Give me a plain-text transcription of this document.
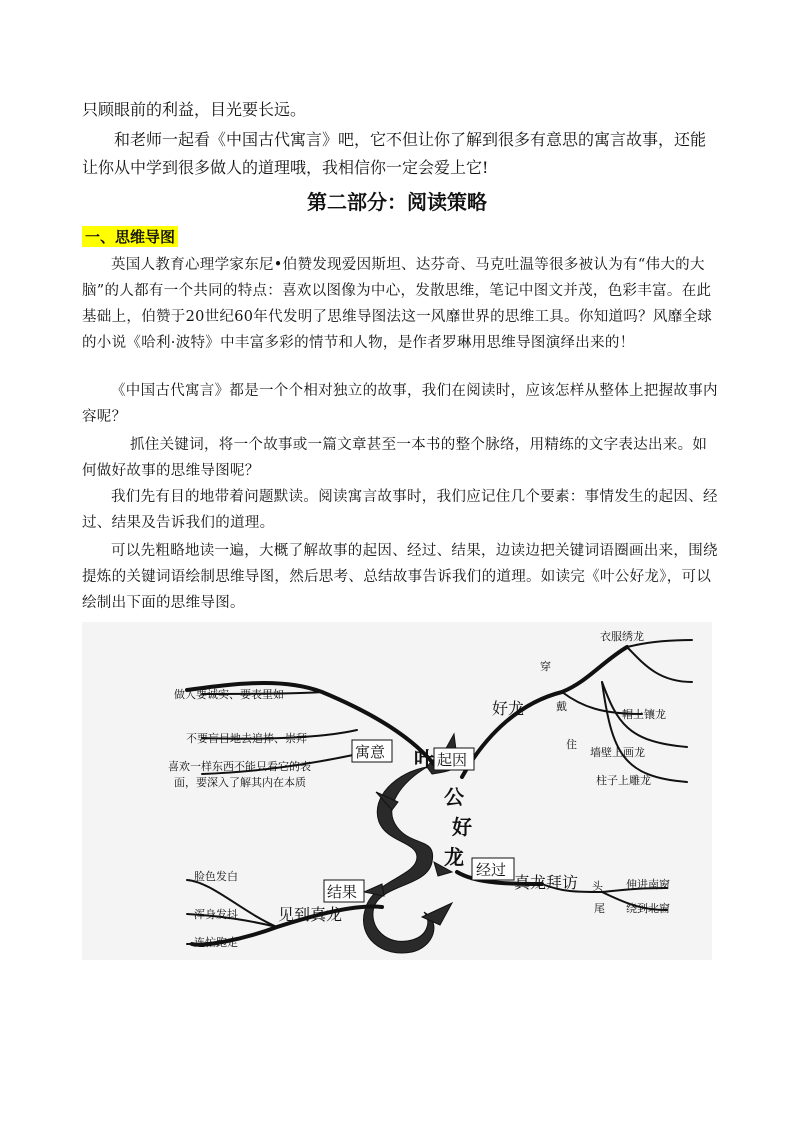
只顾眼前的利益，目光要长远。

和老师一起看《中国古代寓言》吧，它不但让你了解到很多有意思的寓言故事，还能让你从中学到很多做人的道理哦，我相信你一定会爱上它!

第二部分：阅读策略
一、思维导图

英国人教育心理学家东尼•伯赞发现爱因斯坦、达芬奇、马克吐温等很多被认为有“伟大的大脑”的人都有一个共同的特点：喜欢以图像为中心，发散思维，笔记中图文并茂，色彩丰富。在此基础上，伯赞于20世纪60年代发明了思维导图法这一风靡世界的思维工具。你知道吗？风靡全球的小说《哈利·波特》中丰富多彩的情节和人物，是作者罗琳用思维导图演绎出来的！

《中国古代寓言》都是一个个相对独立的故事，我们在阅读时，应该怎样从整体上把握故事内容呢？

抓住关键词，将一个故事或一篇文章甚至一本书的整个脉络，用精练的文字表达出来。如何做好故事的思维导图呢？

我们先有目的地带着问题默读。阅读寓言故事时，我们应记住几个要素：事情发生的起因、经过、结果及告诉我们的道理。

可以先粗略地读一遍，大概了解故事的起因、经过、结果，边读边把关键词语圈画出来，围绕提炼的关键词语绘制思维导图，然后思考、总结故事告诉我们的道理。如读完《叶公好龙》，可以绘制出下面的思维导图。

叶
公
好
龙
寓意	起因
经过
结果
好龙
真龙拜访
见到真龙
做人要诚实、要表里如一
不要盲目地去追捧、崇拜
喜欢一样东西不能只看它的表
面，要深入了解其内在本质
穿
戴
住
衣服绣龙
帽上镶龙
墙壁上画龙
柱子上雕龙
头
尾
伸进南窗
绕到北窗
脸色发白
浑身发抖
连忙跑走
